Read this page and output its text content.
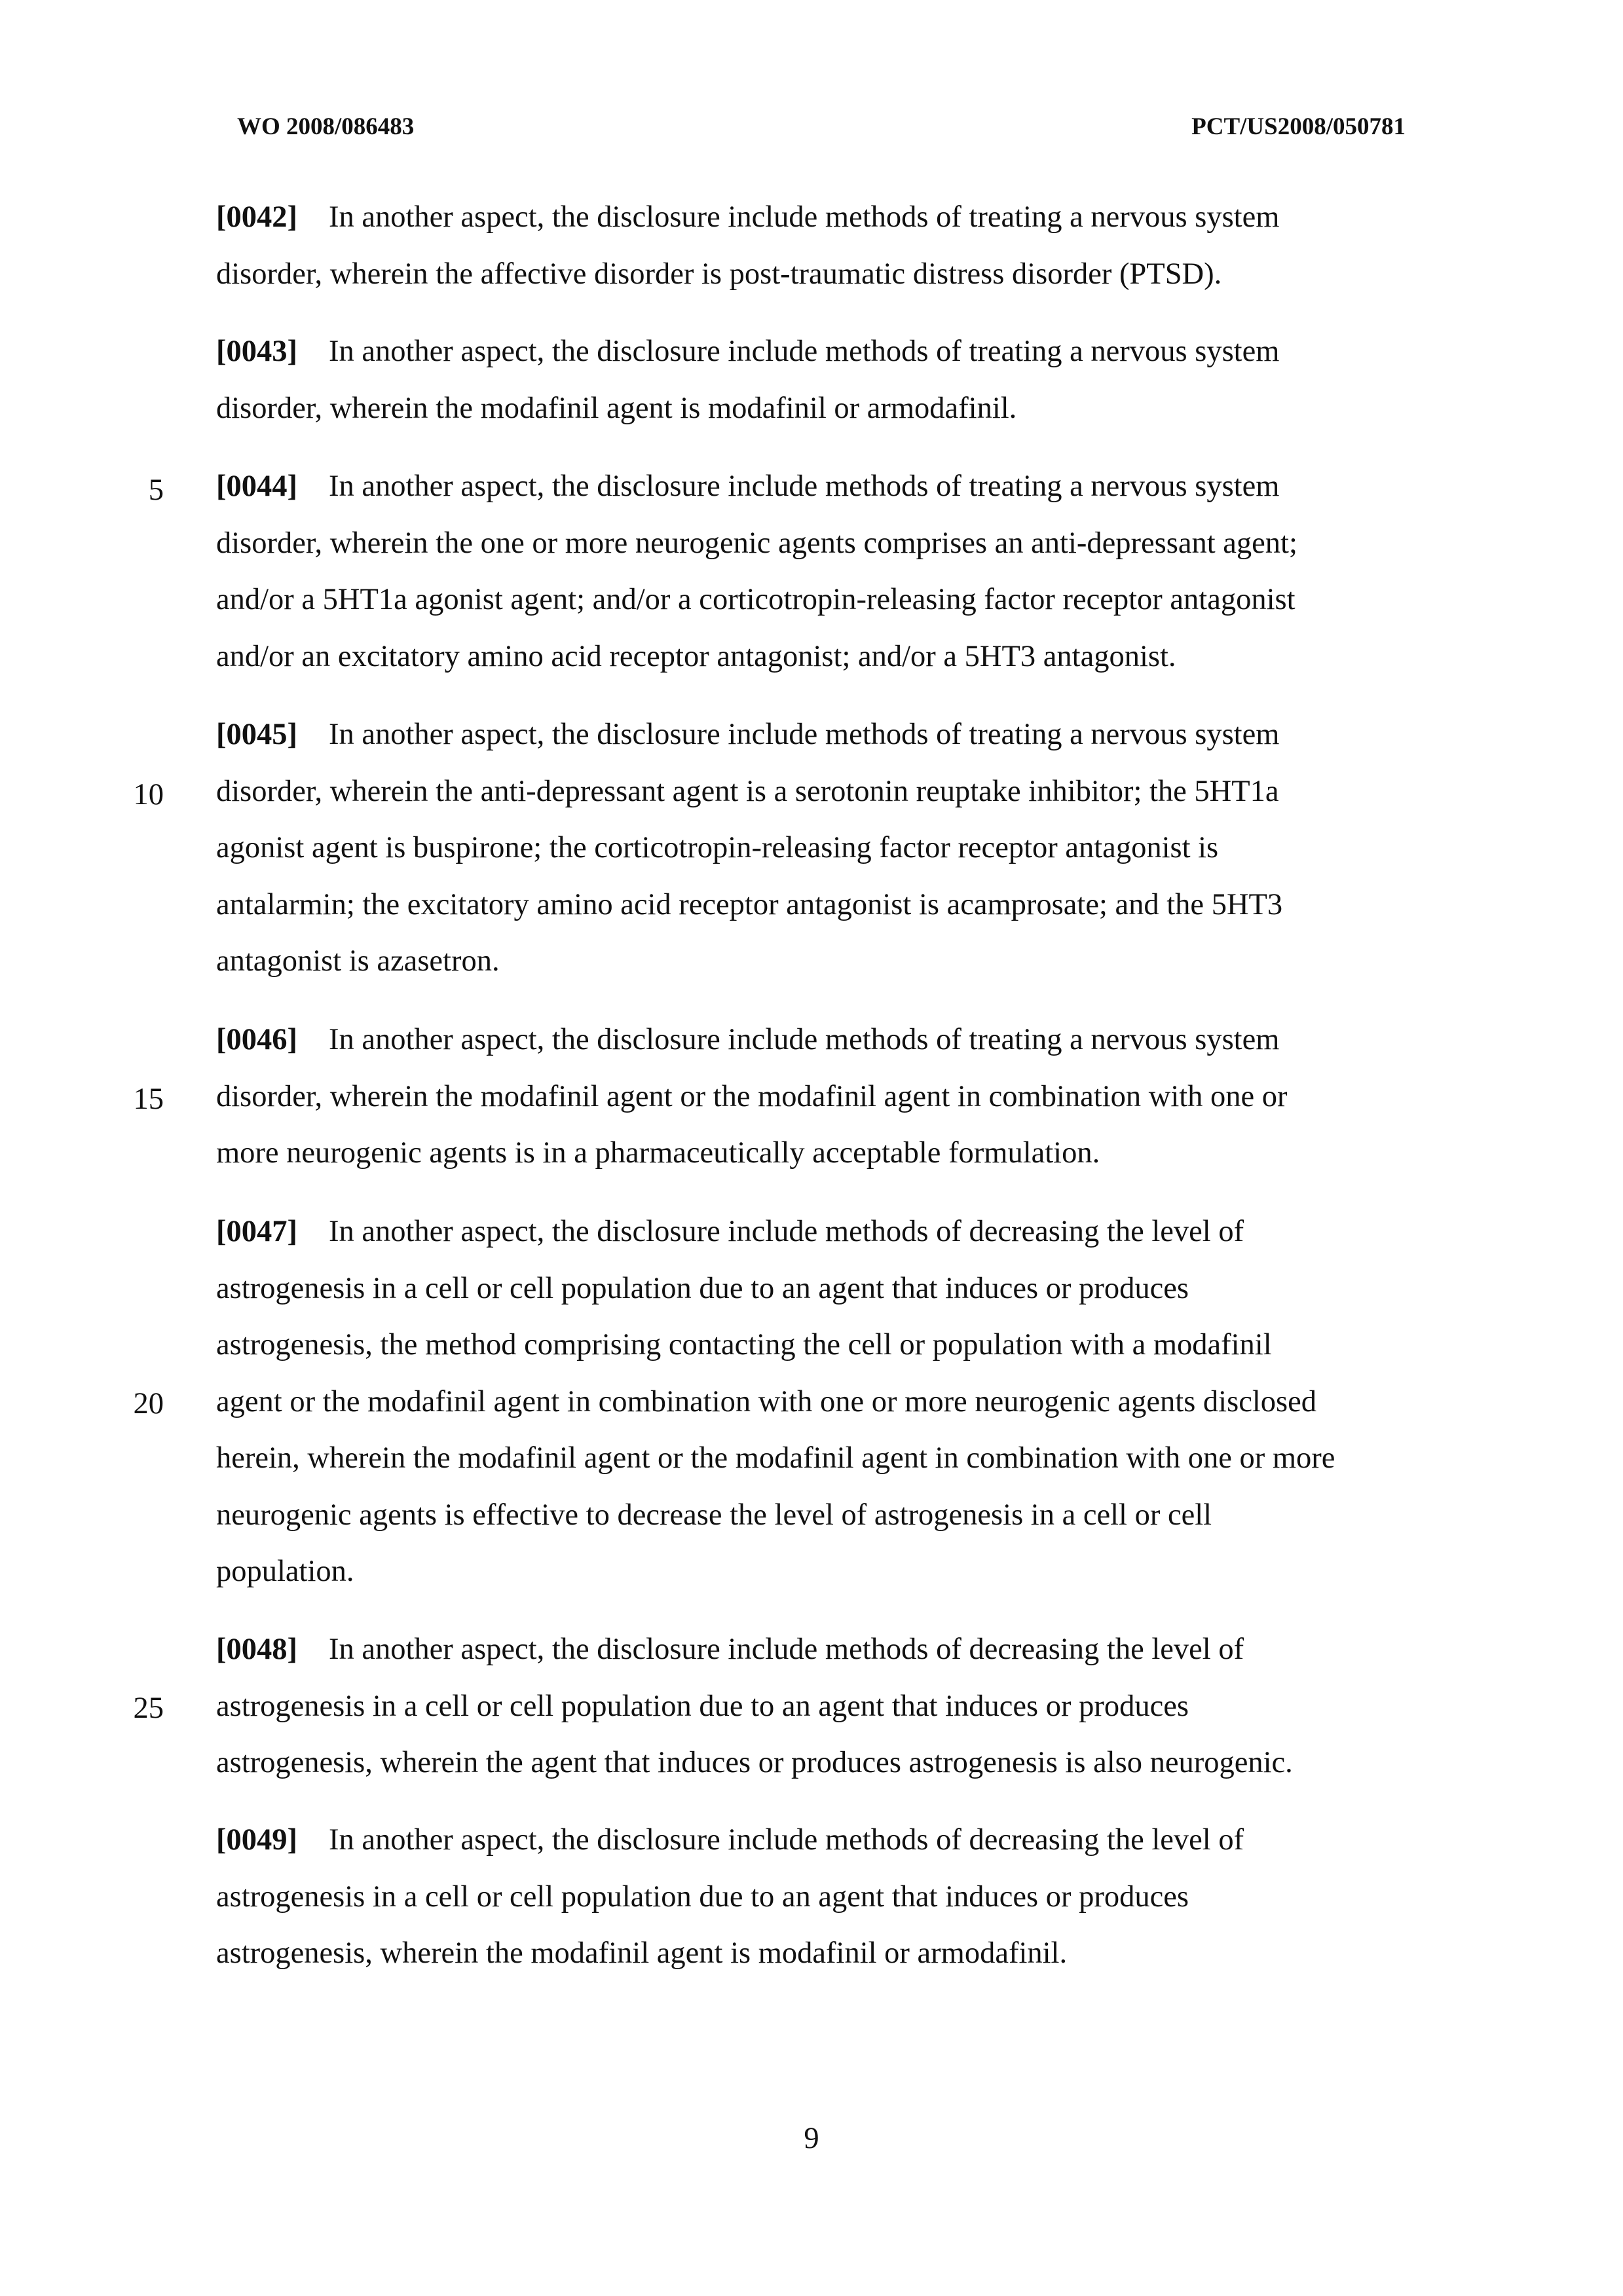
WO 2008/086483	PCT/US2008/050781
5
10
15
20
25
[0042] In another aspect, the disclosure include methods of treating a nervous system
disorder, wherein the affective disorder is post-traumatic distress disorder (PTSD).
[0043] In another aspect, the disclosure include methods of treating a nervous system
disorder, wherein the modafinil agent is modafinil or armodafinil.
[0044] In another aspect, the disclosure include methods of treating a nervous system
disorder, wherein the one or more neurogenic agents comprises an anti-depressant agent;
and/or a 5HT1a agonist agent; and/or a corticotropin-releasing factor receptor antagonist
and/or an excitatory amino acid receptor antagonist; and/or a 5HT3 antagonist.
[0045] In another aspect, the disclosure include methods of treating a nervous system
disorder, wherein the anti-depressant agent is a serotonin reuptake inhibitor; the 5HT1a
agonist agent is buspirone; the corticotropin-releasing factor receptor antagonist is
antalarmin; the excitatory amino acid receptor antagonist is acamprosate; and the 5HT3
antagonist is azasetron.
[0046] In another aspect, the disclosure include methods of treating a nervous system
disorder, wherein the modafinil agent or the modafinil agent in combination with one or
more neurogenic agents is in a pharmaceutically acceptable formulation.
[0047] In another aspect, the disclosure include methods of decreasing the level of
astrogenesis in a cell or cell population due to an agent that induces or produces
astrogenesis, the method comprising contacting the cell or population with a modafinil
agent or the modafinil agent in combination with one or more neurogenic agents disclosed
herein, wherein the modafinil agent or the modafinil agent in combination with one or more
neurogenic agents is effective to decrease the level of astrogenesis in a cell or cell
population.
[0048] In another aspect, the disclosure include methods of decreasing the level of
astrogenesis in a cell or cell population due to an agent that induces or produces
astrogenesis, wherein the agent that induces or produces astrogenesis is also neurogenic.
[0049] In another aspect, the disclosure include methods of decreasing the level of
astrogenesis in a cell or cell population due to an agent that induces or produces
astrogenesis, wherein the modafinil agent is modafinil or armodafinil.
9
